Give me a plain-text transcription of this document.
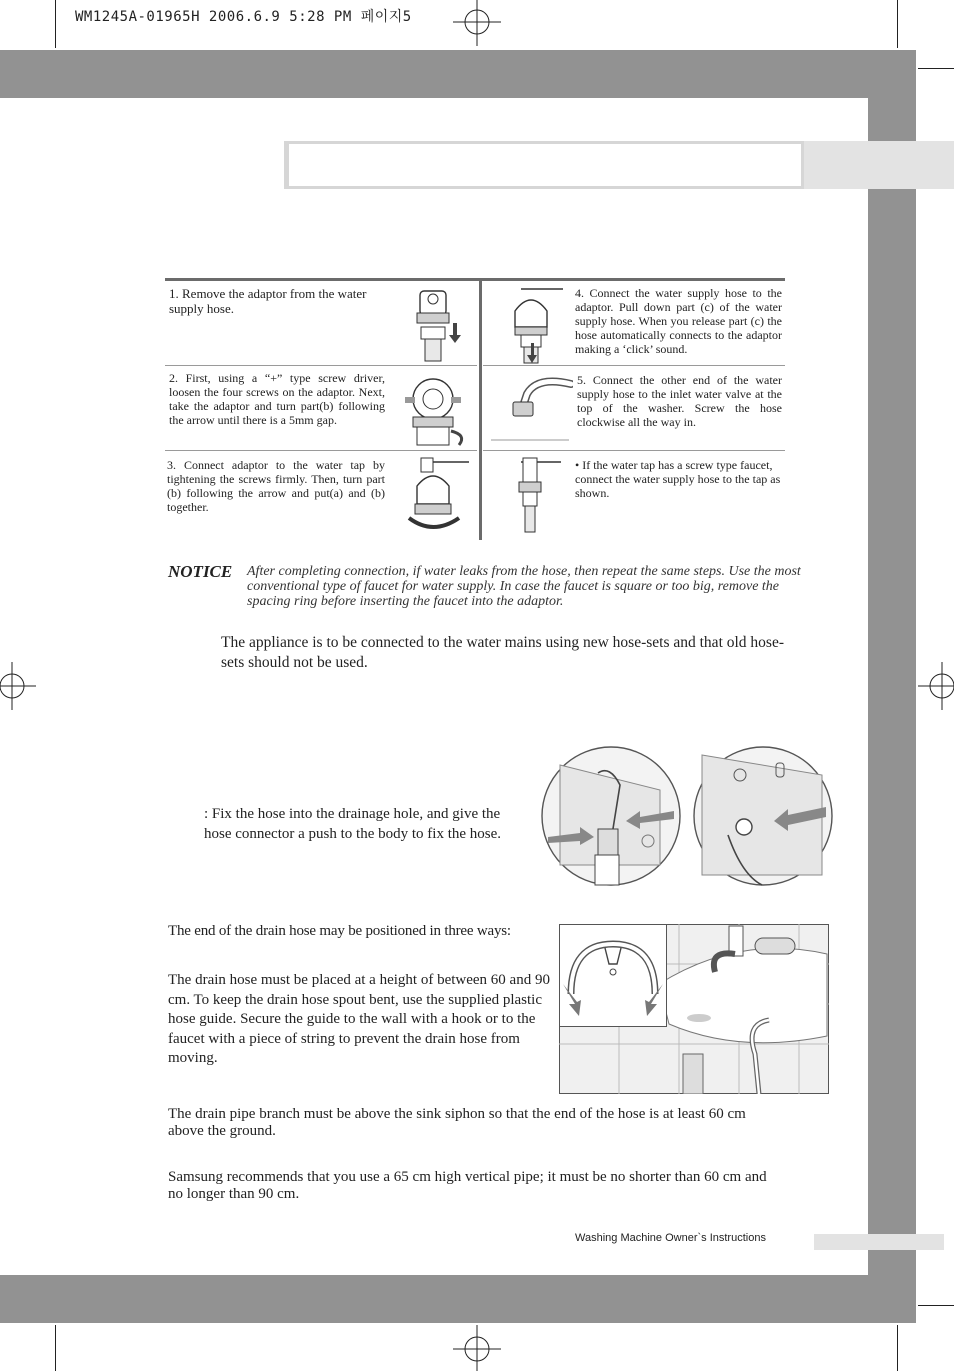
WM1245A-01965H 2006.6.9 5:28 PM 페이지5
1. Remove the adaptor from the water supply hose.
2. First, using a “+” type screw driver, loosen the four screws on the adaptor. Next, take the adaptor and turn part(b) following the arrow until there is a 5mm gap.
3. Connect adaptor to the water tap by tightening the screws firmly. Then, turn part (b) following the arrow and put(a) and (b) together.
4. Connect the water supply hose to the adaptor. Pull down part (c) of the water supply hose. When you release part (c) the hose automatically connects to the adaptor making a ‘click’ sound.
5. Connect the other end of the water supply hose to the inlet water valve at the top of the washer. Screw the hose clockwise all the way in.
• If the water tap has a screw type faucet, connect the water supply hose to the tap as shown.
NOTICE After completing connection, if water leaks from the hose, then repeat the same steps. Use the most conventional type of faucet for water supply. In case the faucet is square or too big, remove the spacing ring before inserting the faucet into the adaptor.
The appliance is to be connected to the water mains using new hose-sets and that old hose-sets should not be used.
: Fix the hose into the drainage hole, and give the hose connector a push to the body to fix the hose.
The end of the drain hose may be positioned in three ways:
The drain hose must be placed at a height of between 60 and 90 cm. To keep the drain hose spout bent, use the supplied plastic hose guide. Secure the guide to the wall with a hook or to the faucet with a piece of string to prevent the drain hose from moving.
The drain pipe branch must be above the sink siphon so that the end of the hose is at least 60 cm above the ground.
Samsung recommends that you use a 65 cm high vertical pipe; it must be no shorter than 60 cm and no longer than 90 cm.
Washing Machine Owner`s Instructions
